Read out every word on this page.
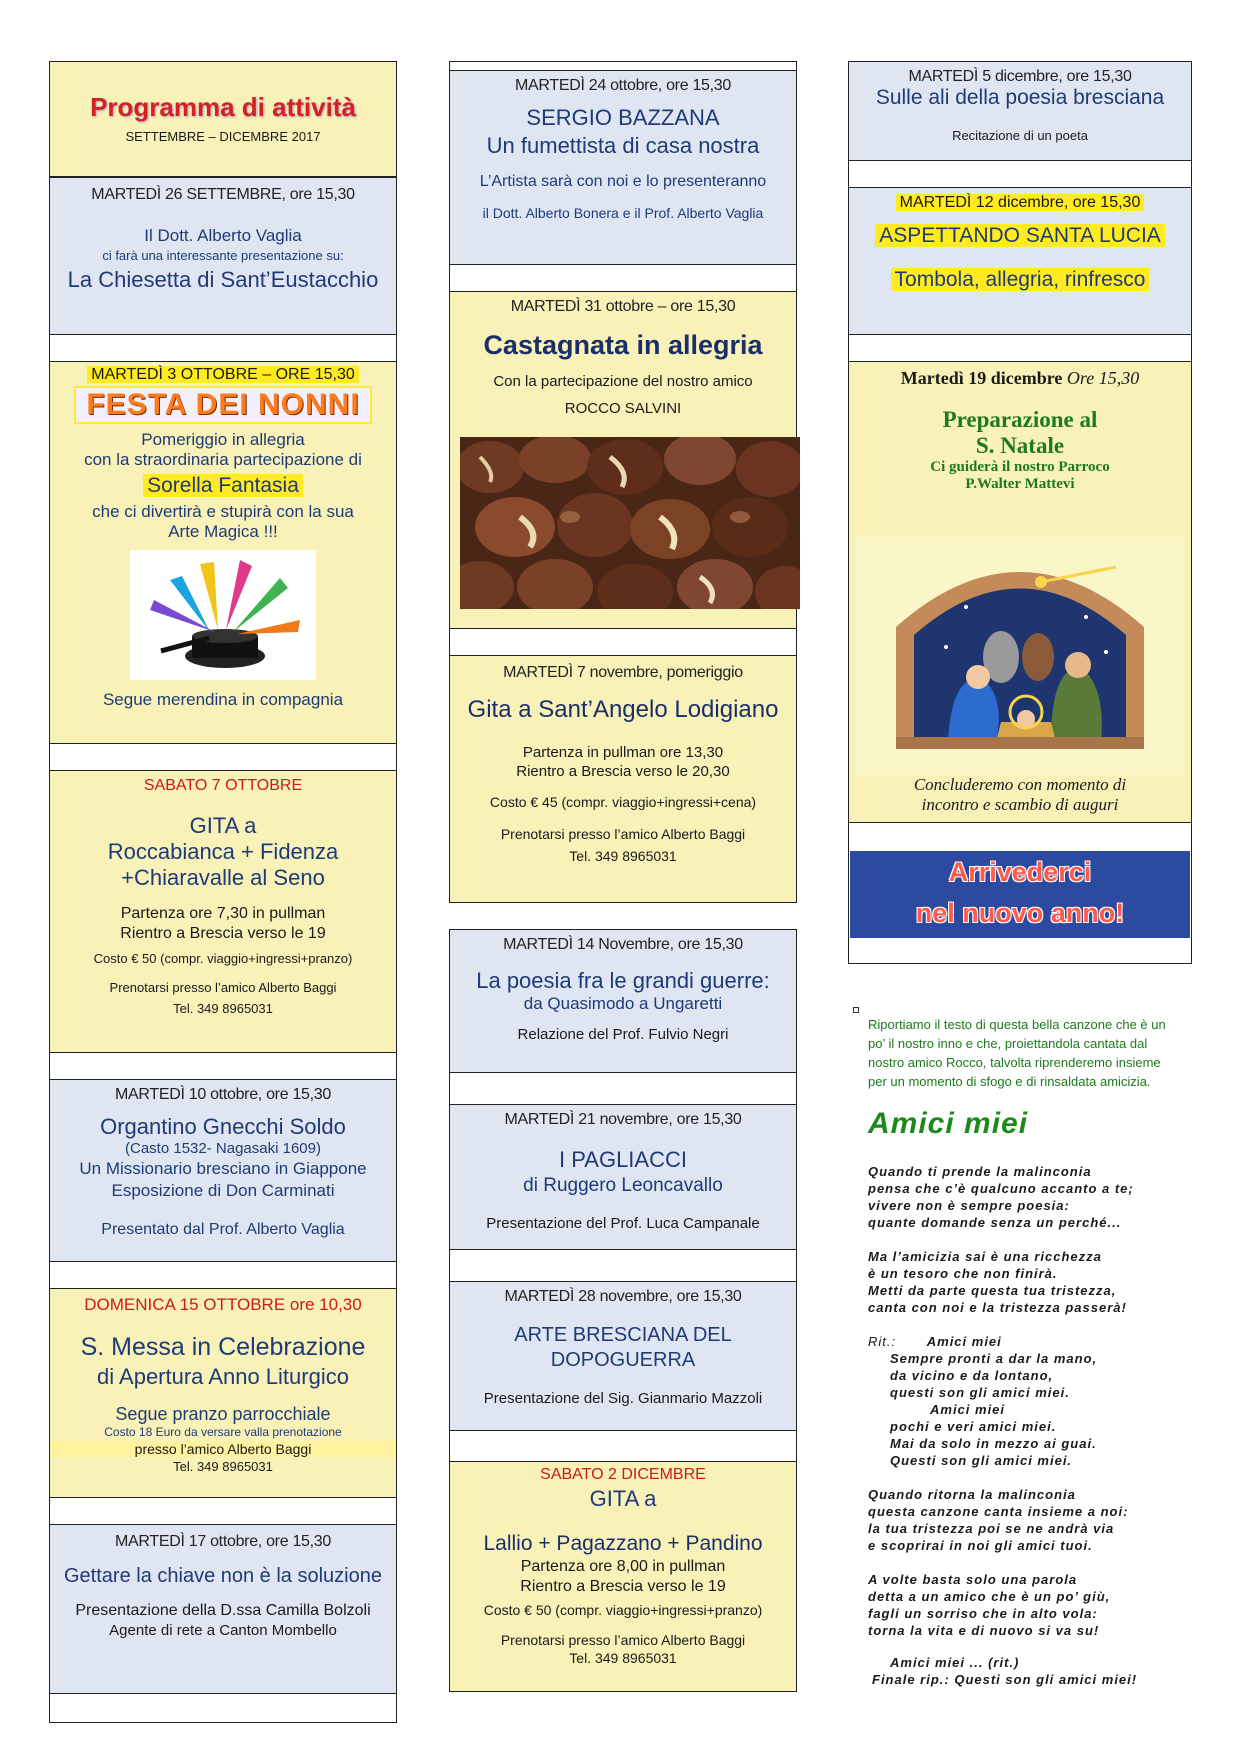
Programma di attività
SETTEMBRE – DICEMBRE 2017
MARTEDÌ 26 SETTEMBRE, ore 15,30
Il Dott. Alberto Vaglia
ci farà una interessante presentazione su:
La Chiesetta di Sant’Eustacchio
MARTEDÌ 3 OTTOBRE – ORE 15,30
FESTA DEI NONNI
Pomeriggio in allegria
con la straordinaria partecipazione di
Sorella Fantasia
che ci divertirà e stupirà con la sua
Arte Magica !!!
Segue merendina in compagnia
SABATO 7 OTTOBRE
GITA a
Roccabianca + Fidenza
+Chiaravalle al Seno
Partenza ore 7,30 in pullman
Rientro a Brescia verso le 19
Costo € 50 (compr. viaggio+ingressi+pranzo)
Prenotarsi presso l’amico Alberto Baggi
Tel. 349 8965031
MARTEDÌ 10 ottobre, ore 15,30
Organtino Gnecchi Soldo
(Casto 1532- Nagasaki 1609)
Un Missionario bresciano in Giappone
Esposizione di Don Carminati
Presentato dal Prof. Alberto Vaglia
DOMENICA 15 OTTOBRE ore 10,30
S. Messa in Celebrazione
di Apertura Anno Liturgico
Segue pranzo parrocchiale
Costo 18 Euro da versare valla prenotazione
presso l’amico Alberto Baggi
Tel. 349 8965031
MARTEDÌ 17 ottobre, ore 15,30
Gettare la chiave non è la soluzione
Presentazione della D.ssa Camilla Bolzoli
Agente di rete a Canton Mombello
MARTEDÌ 24 ottobre, ore 15,30
SERGIO BAZZANA
Un fumettista di casa nostra
L’Artista sarà con noi e lo presenteranno
il Dott. Alberto Bonera e il Prof. Alberto Vaglia
MARTEDÌ 31 ottobre – ore 15,30
Castagnata in allegria
Con la partecipazione del nostro amico
ROCCO SALVINI
MARTEDÌ 7 novembre, pomeriggio
Gita a Sant’Angelo Lodigiano
Partenza in pullman ore 13,30
Rientro a Brescia verso le 20,30
Costo € 45 (compr. viaggio+ingressi+cena)
Prenotarsi presso l’amico Alberto Baggi
Tel. 349 8965031
MARTEDÌ 14 Novembre, ore 15,30
La poesia fra le grandi guerre:
da Quasimodo a Ungaretti
Relazione del Prof. Fulvio Negri
MARTEDÌ 21 novembre, ore 15,30
I PAGLIACCI
di Ruggero Leoncavallo
Presentazione del Prof. Luca Campanale
MARTEDÌ 28 novembre, ore 15,30
ARTE BRESCIANA DEL
DOPOGUERRA
Presentazione del Sig. Gianmario Mazzoli
SABATO 2 DICEMBRE
GITA a
Lallio + Pagazzano + Pandino
Partenza ore 8,00 in pullman
Rientro a Brescia verso le 19
Costo € 50 (compr. viaggio+ingressi+pranzo)
Prenotarsi presso l’amico Alberto Baggi
Tel. 349 8965031
MARTEDÌ 5 dicembre, ore 15,30
Sulle ali della poesia bresciana
Recitazione di un poeta
MARTEDÌ 12 dicembre, ore 15,30
ASPETTANDO SANTA LUCIA
Tombola, allegria, rinfresco
Martedì 19 dicembre Ore 15,30
Preparazione al
S. Natale
Ci guiderà il nostro Parroco
P.Walter Mattevi
Concluderemo con momento di
incontro e scambio di auguri
Arrivederci
nel nuovo anno!
Riportiamo il testo di questa bella canzone che è un
po’ il nostro inno e che, proiettandola cantata dal
nostro amico Rocco, talvolta riprenderemo insieme
per un momento di sfogo e di rinsaldata amicizia.
Amici miei
Quando ti prende la malinconia
pensa che c’è qualcuno accanto a te;
vivere non è sempre poesia:
quante domande senza un perché...
Ma l’amicizia sai è una ricchezza
è un tesoro che non finirà.
Metti da parte questa tua tristezza,
canta con noi e la tristezza passerà!
Rit.: Amici miei
Sempre pronti a dar la mano,
da vicino e da lontano,
questi son gli amici miei.
Amici miei
pochi e veri amici miei.
Mai da solo in mezzo ai guai.
Questi son gli amici miei.
Quando ritorna la malinconia
questa canzone canta insieme a noi:
la tua tristezza poi se ne andrà via
e scoprirai in noi gli amici tuoi.
A volte basta solo una parola
detta a un amico che è un po’ giù,
fagli un sorriso che in alto vola:
torna la vita e di nuovo si va su!
Amici miei ... (rit.)
Finale rip.: Questi son gli amici miei!
